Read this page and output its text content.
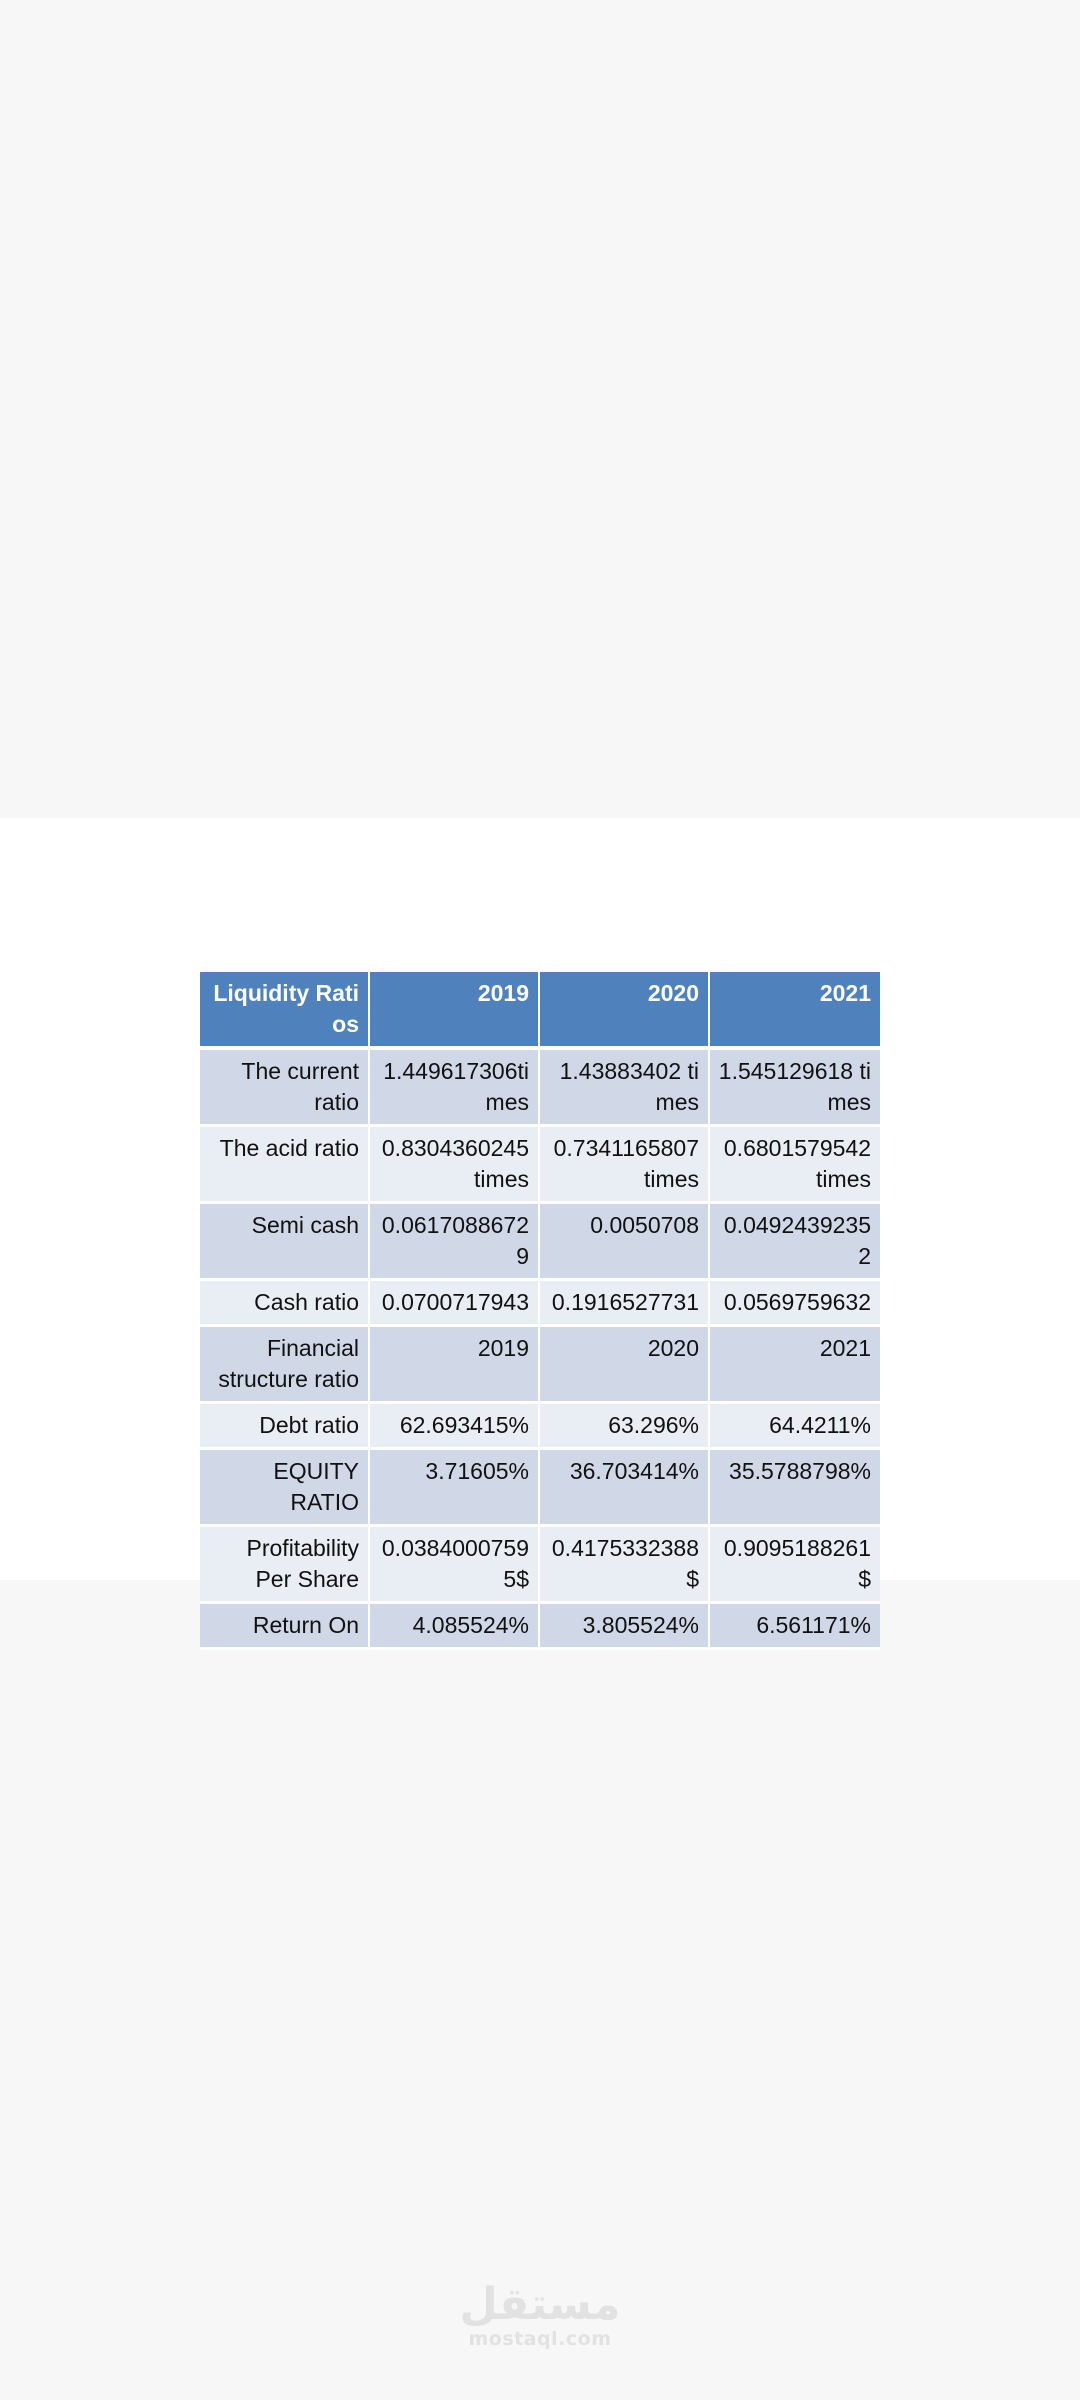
Liquidity Ratios	2019	2020	2021
The current ratio	1.449617306times	1.43883402 times	1.545129618 times
The acid ratio	0.8304360245 times	0.7341165807 times	0.6801579542 times
Semi cash	0.06170886729	0.0050708	0.04924392352
Cash ratio	0.0700717943	0.1916527731	0.0569759632
Financial structure ratio	2019	2020	2021
Debt ratio	62.693415%	63.296%	64.4211%
EQUITY RATIO	3.71605%	36.703414%	35.5788798%
Profitability Per Share	0.03840007595$	0.4175332388 $	0.9095188261 $
Return On	4.085524%	3.805524%	6.561171%
مستقل
mostaql.com
